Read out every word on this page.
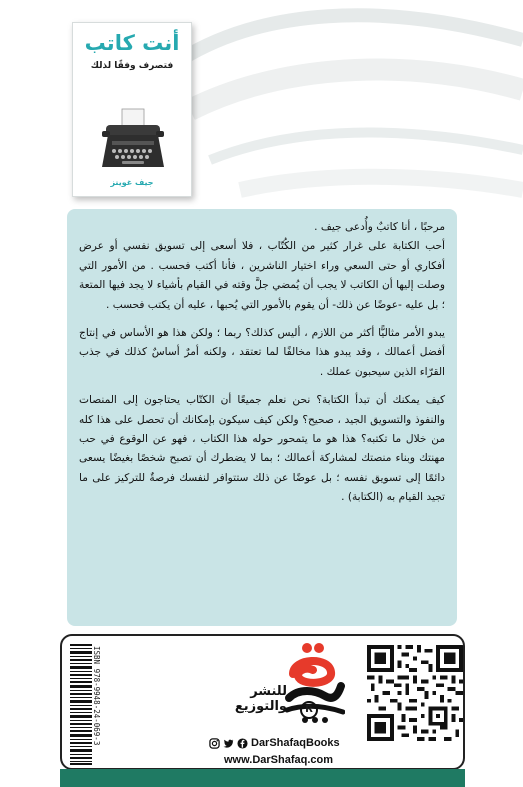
أنت كاتب
فتصرف وفقًا لذلك
جيف غوينز

مرحبًا ، أنا كاتبٌ وأُدعى جيف .

أحب الكتابة على غرار كثير من الكُتّاب ، فلا أسعى إلى تسويق نفسي أو عرض أفكاري أو حتى السعي وراء اختيار الناشرين ، فأنا أكتب فحسب . من الأمور التي وصلت إليها أن الكاتب لا يجب أن يُمضي جلَّ وقته في القيام بأشياء لا يجد فيها المتعة ؛ بل عليه -عوضًا عن ذلك- أن يقوم بالأمور التي يُحبها ، عليه أن يكتب فحسب .

يبدو الأمر مثاليًّا أكثر من اللازم ، أليس كذلك؟ ربما ؛ ولكن هذا هو الأساس في إنتاج أفضل أعمالك ، وقد يبدو هذا مخالفًا لما تعتقد ، ولكنه أمرٌ أساسٌ كذلك في جذب القرّاء الذين سيحبون عملك .

كيف يمكنك أن تبدأ الكتابة؟ نحن نعلم جميعًا أن الكتّاب يحتاجون إلى المنصات والنفوذ والتسويق الجيد ، صحيح؟ ولكن كيف سيكون بإمكانك أن تحصل على هذا كله من خلال ما تكتبه؟ هذا هو ما يتمحور حوله هذا الكتاب ، فهو عن الوقوع في حب مهنتك وبناء منصتك لمشاركة أعمالك ؛ بما لا يضطرك أن تصبح شخصًا بغيضًا يسعى دائمًا إلى تسويق نفسه ؛ بل عوضًا عن ذلك ستتوافر لنفسك فرصةٌ للتركيز على ما تجيد القيام به (الكتابة) .

ISBN 978-9948-24-069-3	للنشر والتوزيع	R
DarShafaqBooks
www.DarShafaq.com
